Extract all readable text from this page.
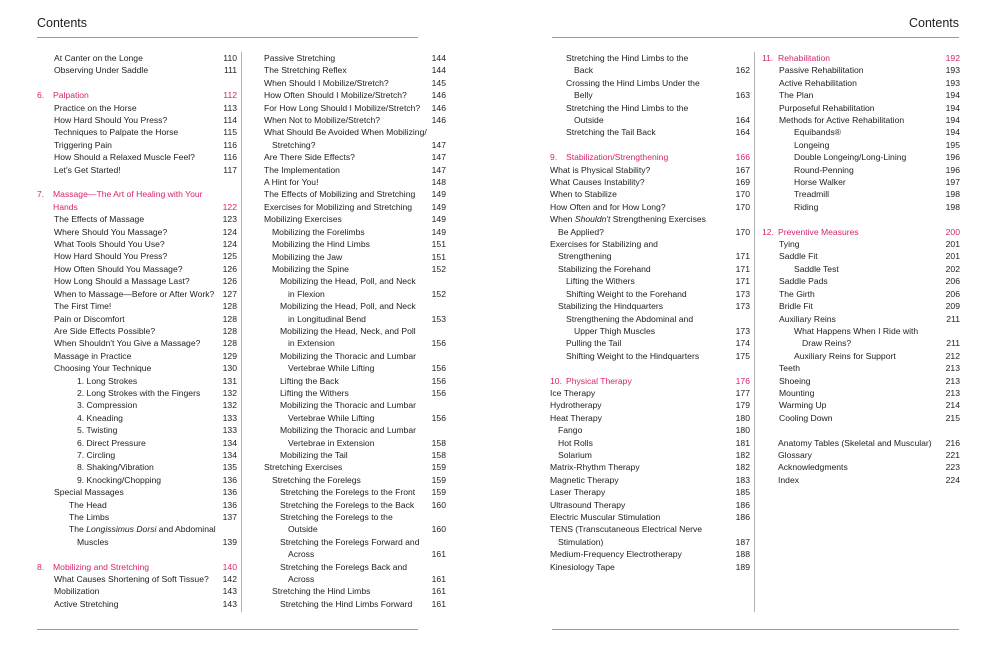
Contents
At Canter on the Longe	110
Observing Under Saddle	111
6. Palpation	112
Practice on the Horse	113
How Hard Should You Press?	114
Techniques to Palpate the Horse	115
Triggering Pain	116
How Should a Relaxed Muscle Feel?	116
Let's Get Started!	117
7. Massage—The Art of Healing with Your
Hands	122
The Effects of Massage	123
Where Should You Massage?	124
What Tools Should You Use?	124
How Hard Should You Press?	125
How Often Should You Massage?	126
How Long Should a Massage Last?	126
When to Massage—Before or After Work? 127
The First Time!	128
Pain or Discomfort	128
Are Side Effects Possible?	128
When Shouldn't You Give a Massage?	128
Massage in Practice	129
Choosing Your Technique	130
1. Long Strokes	131
2. Long Strokes with the Fingers	132
3. Compression	132
4. Kneading	133
5. Twisting	133
6. Direct Pressure	134
7. Circling	134
8. Shaking/Vibration	135
9. Knocking/Chopping	136
Special Massages	136
The Head	136
The Limbs	137
The Longissimus Dorsi and Abdominal
Muscles	139
8. Mobilizing and Stretching	140
What Causes Shortening of Soft Tissue?	142
Mobilization	143
Active Stretching	143
Passive Stretching	144
The Stretching Reflex	144
When Should I Mobilize/Stretch?	145
How Often Should I Mobilize/Stretch?	146
For How Long Should I Mobilize/Stretch?	146
When Not to Mobilize/Stretch?	146
What Should Be Avoided When Mobilizing/
Stretching?	147
Are There Side Effects?	147
The Implementation	147
A Hint for You!	148
The Effects of Mobilizing and Stretching	149
Exercises for Mobilizing and Stretching	149
Mobilizing Exercises	149
Mobilizing the Forelimbs	149
Mobilizing the Hind Limbs	151
Mobilizing the Jaw	151
Mobilizing the Spine	152
Mobilizing the Head, Poll, and Neck
in Flexion	152
Mobilizing the Head, Poll, and Neck
in Longitudinal Bend	153
Mobilizing the Head, Neck, and Poll
in Extension	156
Mobilizing the Thoracic and Lumbar
Vertebrae While Lifting	156
Lifting the Back	156
Lifting the Withers	156
Mobilizing the Thoracic and Lumbar
Vertebrae While Lifting	156
Mobilizing the Thoracic and Lumbar
Vertebrae in Extension	158
Mobilizing the Tail	158
Stretching Exercises	159
Stretching the Forelegs	159
Stretching the Forelegs to the Front	159
Stretching the Forelegs to the Back	160
Stretching the Forelegs to the
Outside	160
Stretching the Forelegs Forward and
Across	161
Stretching the Forelegs Back and
Across	161
Stretching the Hind Limbs	161
Stretching the Hind Limbs Forward	161
Contents
Stretching the Hind Limbs to the
Back	162
Crossing the Hind Limbs Under the
Belly	163
Stretching the Hind Limbs to the
Outside	164
Stretching the Tail Back	164
9. Stabilization/Strengthening	166
What is Physical Stability?	167
What Causes Instability?	169
When to Stabilize	170
How Often and for How Long?	170
When Shouldn't Strengthening Exercises
Be Applied?	170
Exercises for Stabilizing and
Strengthening	171
Stabilizing the Forehand	171
Lifting the Withers	171
Shifting Weight to the Forehand	173
Stabilizing the Hindquarters	173
Strengthening the Abdominal and
Upper Thigh Muscles	173
Pulling the Tail	174
Shifting Weight to the Hindquarters	175
10. Physical Therapy	176
Ice Therapy	177
Hydrotherapy	179
Heat Therapy	180
Fango	180
Hot Rolls	181
Solarium	182
Matrix-Rhythm Therapy	182
Magnetic Therapy	183
Laser Therapy	185
Ultrasound Therapy	186
Electric Muscular Stimulation	186
TENS (Transcutaneous Electrical Nerve
Stimulation)	187
Medium-Frequency Electrotherapy	188
Kinesiology Tape	189
11. Rehabilitation	192
Passive Rehabilitation	193
Active Rehabilitation	193
The Plan	194
Purposeful Rehabilitation	194
Methods for Active Rehabilitation	194
Equibands®	194
Longeing	195
Double Longeing/Long-Lining	196
Round-Penning	196
Horse Walker	197
Treadmill	198
Riding	198
12. Preventive Measures	200
Tying	201
Saddle Fit	201
Saddle Test	202
Saddle Pads	206
The Girth	206
Bridle Fit	209
Auxiliary Reins	211
What Happens When I Ride with
Draw Reins?	211
Auxiliary Reins for Support	212
Teeth	213
Shoeing	213
Mounting	213
Warming Up	214
Cooling Down	215
Anatomy Tables (Skeletal and Muscular)	216
Glossary	221
Acknowledgments	223
Index	224
